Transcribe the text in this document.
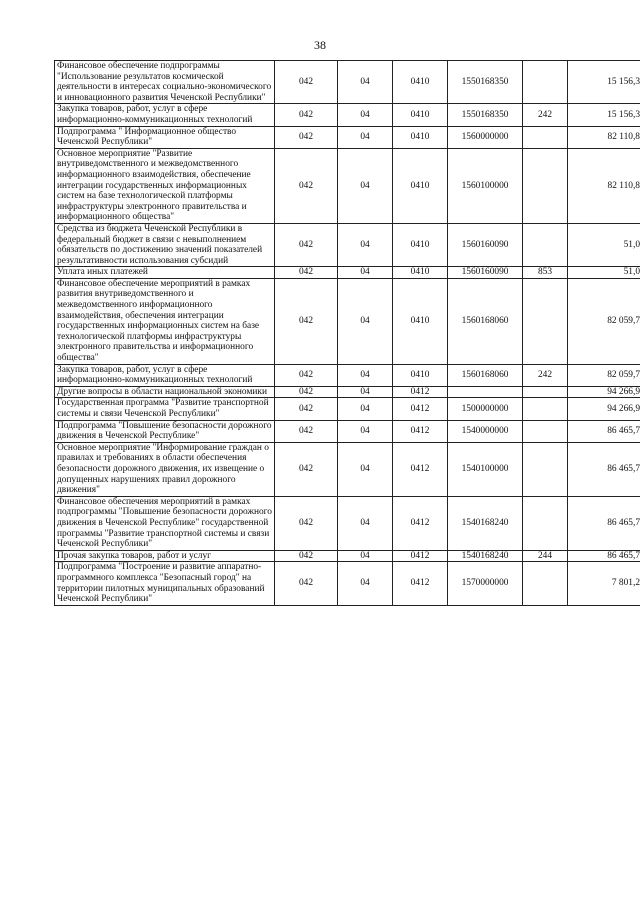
38
Финансовое обеспечение подпрограммы "Использование результатов космической деятельности в интересах социально-экономического и инновационного развития Чеченской Республики"	042	04	0410	1550168350		15 156,3
Закупка товаров, работ, услуг в сфере информационно-коммуникационных технологий	042	04	0410	1550168350	242	15 156,3
Подпрограмма " Информационное общество Чеченской Республики"	042	04	0410	1560000000		82 110,8
Основное мероприятие "Развитие внутриведомственного и межведомственного информационного взаимодействия, обеспечение интеграции государственных информационных систем на базе технологической платформы инфраструктуры электронного правительства и информационного общества"	042	04	0410	1560100000		82 110,8
Средства из бюджета Чеченской Республики в федеральный бюджет в связи с невыполнением обязательств по достижению значений показателей результативности использования субсидий	042	04	0410	1560160090		51,0
Уплата иных платежей	042	04	0410	1560160090	853	51,0
Финансовое обеспечение мероприятий в рамках развития внутриведомственного и межведомственного информационного взаимодействия, обеспечения интеграции государственных информационных систем на базе технологической платформы инфраструктуры электронного правительства и информационного общества"	042	04	0410	1560168060		82 059,7
Закупка товаров, работ, услуг в сфере информационно-коммуникационных технологий	042	04	0410	1560168060	242	82 059,7
Другие вопросы в области национальной экономики	042	04	0412			94 266,9
Государственная программа "Развитие транспортной системы и связи Чеченской Республики"	042	04	0412	1500000000		94 266,9
Подпрограмма "Повышение безопасности дорожного движения в Чеченской Республике"	042	04	0412	1540000000		86 465,7
Основное мероприятие "Информирование граждан о правилах и требованиях в области обеспечения безопасности дорожного движения, их извещение о допущенных нарушениях правил дорожного движения"	042	04	0412	1540100000		86 465,7
Финансовое обеспечения мероприятий в рамках подпрограммы "Повышение безопасности дорожного движения в Чеченской Республике" государственной программы "Развитие транспортной системы и связи Чеченской Республики"	042	04	0412	1540168240		86 465,7
Прочая закупка товаров, работ и услуг	042	04	0412	1540168240	244	86 465,7
Подпрограмма "Построение и развитие аппаратно-программного комплекса "Безопасный город" на территории пилотных муниципальных образований Чеченской Республики"	042	04	0412	1570000000		7 801,2
